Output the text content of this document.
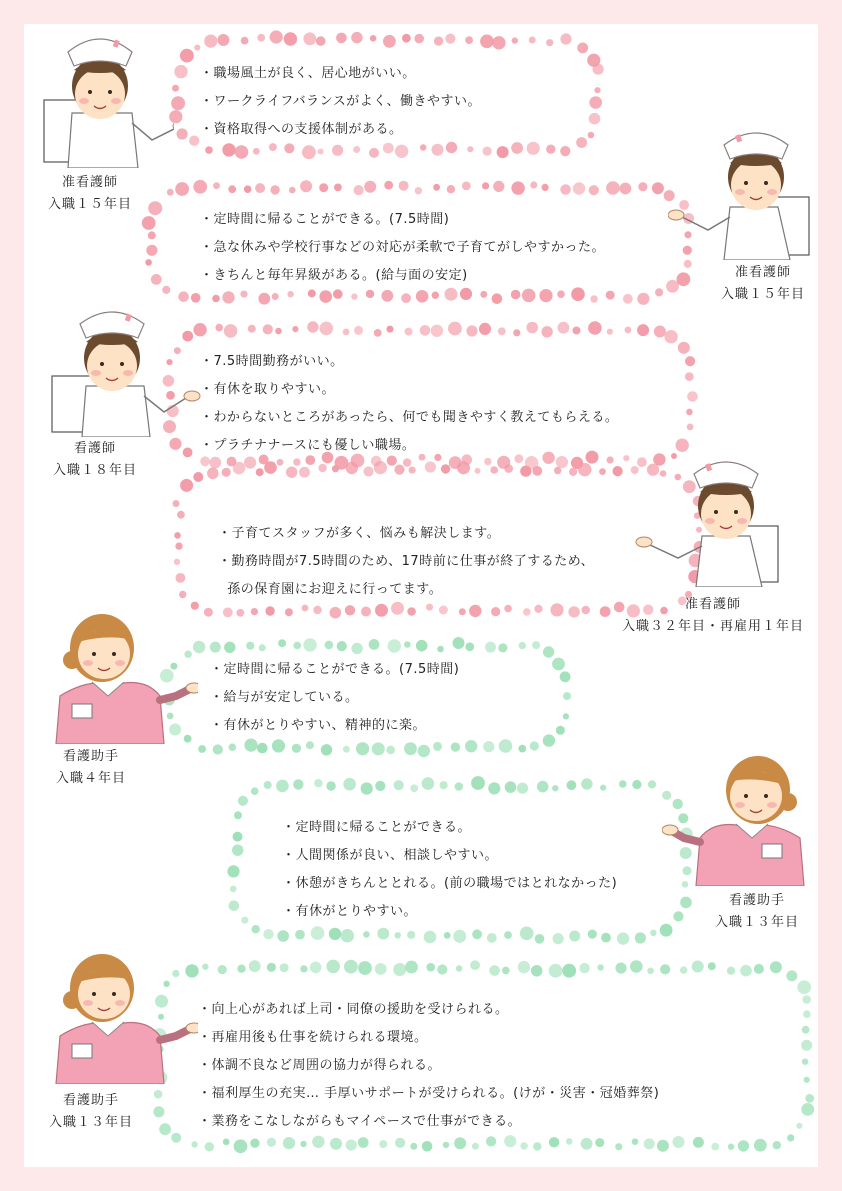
・職場風土が良く、居心地がいい。
・ワークライフバランスがよく、働きやすい。
・資格取得への支援体制がある。
准看護師
入職１５年目
・定時間に帰ることができる。(7.5時間)
・急な休みや学校行事などの対応が柔軟で子育てがしやすかった。
・きちんと毎年昇級がある。(給与面の安定)	准看護師
入職１５年目
・7.5時間勤務がいい。
・有休を取りやすい。
・わからないところがあったら、何でも聞きやすく教えてもらえる。
・プラチナナースにも優しい職場。
看護師
入職１８年目
・子育てスタッフが多く、悩みも解決します。
・勤務時間が7.5時間のため、17時前に仕事が終了するため、
孫の保育園にお迎えに行ってます。
准看護師
入職３２年目・再雇用１年目
・定時間に帰ることができる。(7.5時間)
・給与が安定している。
・有休がとりやすい、精神的に楽。
看護助手
入職４年目
・定時間に帰ることができる。
・人間関係が良い、相談しやすい。
・休憩がきちんととれる。(前の職場ではとれなかった)
・有休がとりやすい。
看護助手
入職１３年目
・向上心があれば上司・同僚の援助を受けられる。
・再雇用後も仕事を続けられる環境。
・体調不良など周囲の協力が得られる。
・福利厚生の充実… 手厚いサポートが受けられる。(けが・災害・冠婚葬祭)
・業務をこなしながらもマイペースで仕事ができる。
看護助手
入職１３年目
